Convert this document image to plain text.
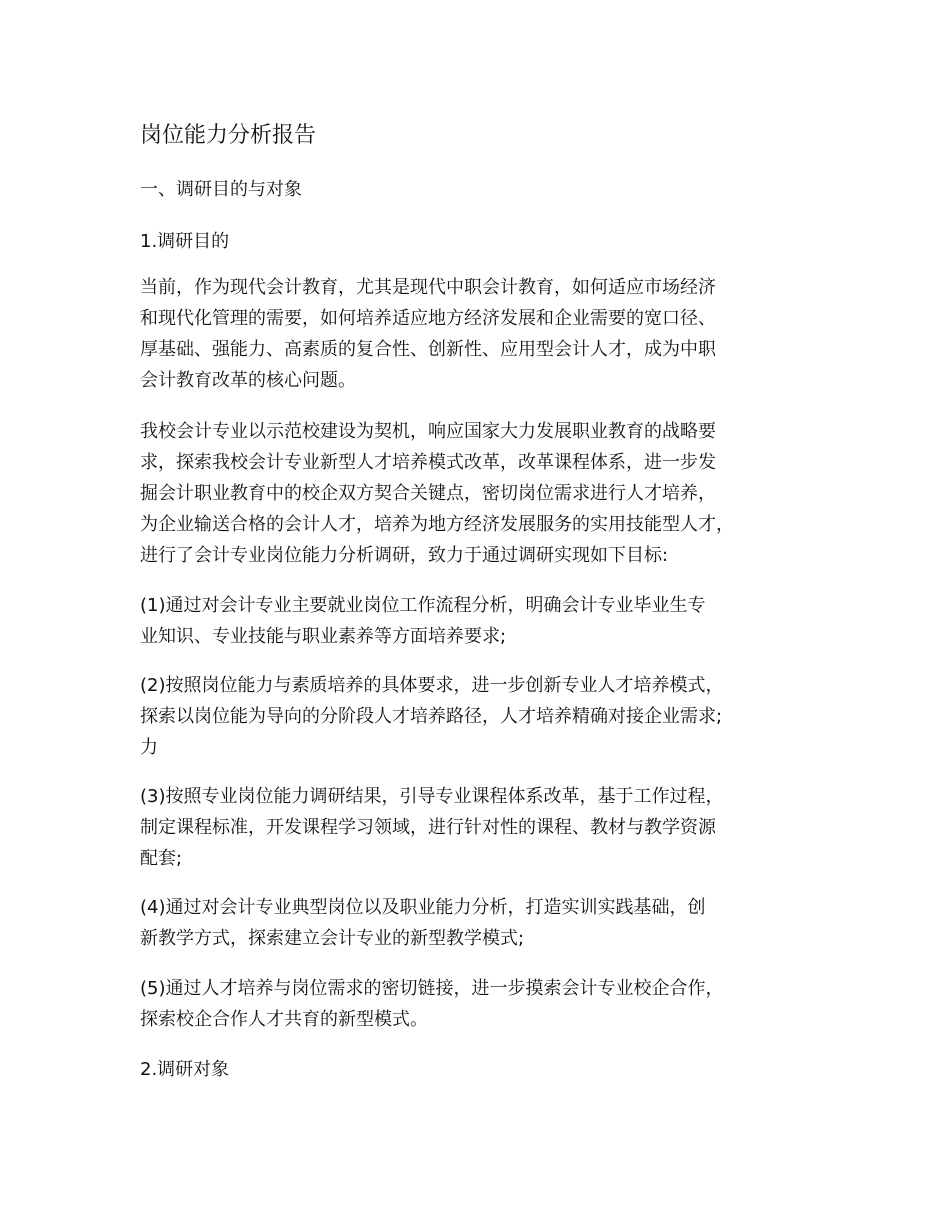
岗位能力分析报告

一、调研目的与对象

1.调研目的

当前，作为现代会计教育，尤其是现代中职会计教育，如何适应市场经济
和现代化管理的需要，如何培养适应地方经济发展和企业需要的宽口径、
厚基础、强能力、高素质的复合性、创新性、应用型会计人才，成为中职
会计教育改革的核心问题。

我校会计专业以示范校建设为契机，响应国家大力发展职业教育的战略要
求，探索我校会计专业新型人才培养模式改革，改革课程体系，进一步发
掘会计职业教育中的校企双方契合关键点，密切岗位需求进行人才培养，
为企业输送合格的会计人才，培养为地方经济发展服务的实用技能型人才，
进行了会计专业岗位能力分析调研，致力于通过调研实现如下目标:

(1)通过对会计专业主要就业岗位工作流程分析，明确会计专业毕业生专
业知识、专业技能与职业素养等方面培养要求;

(2)按照岗位能力与素质培养的具体要求，进一步创新专业人才培养模式，
探索以岗位能为导向的分阶段人才培养路径，人才培养精确对接企业需求;
力

(3)按照专业岗位能力调研结果，引导专业课程体系改革，基于工作过程，
制定课程标准，开发课程学习领域，进行针对性的课程、教材与教学资源
配套;

(4)通过对会计专业典型岗位以及职业能力分析，打造实训实践基础，创
新教学方式，探索建立会计专业的新型教学模式;

(5)通过人才培养与岗位需求的密切链接，进一步摸索会计专业校企合作，
探索校企合作人才共育的新型模式。

2.调研对象
